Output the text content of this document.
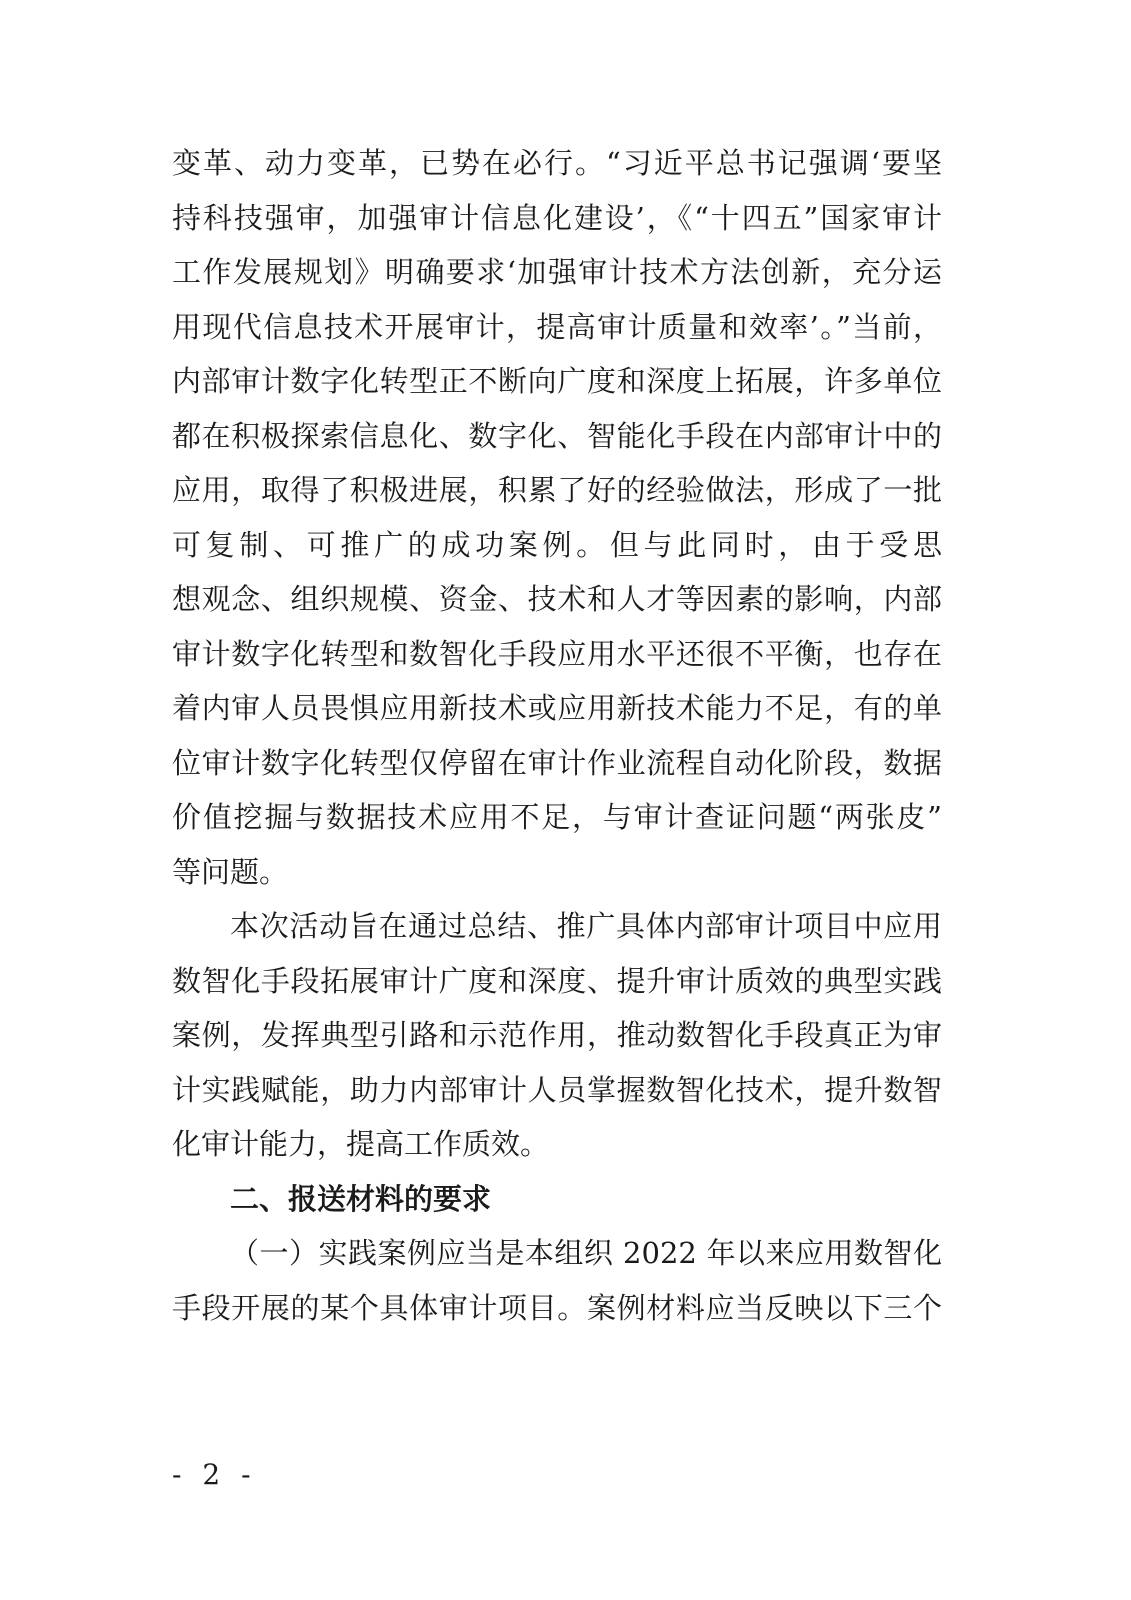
变革、动力变革，已势在必行。“习近平总书记强调‘要坚
持科技强审，加强审计信息化建设’，《“十四五”国家审计
工作发展规划》明确要求‘加强审计技术方法创新，充分运
用现代信息技术开展审计，提高审计质量和效率’。”当前，
内部审计数字化转型正不断向广度和深度上拓展，许多单位
都在积极探索信息化、数字化、智能化手段在内部审计中的
应用，取得了积极进展，积累了好的经验做法，形成了一批
可复制、可推广的成功案例。但与此同时，由于受思
想观念、组织规模、资金、技术和人才等因素的影响，内部
审计数字化转型和数智化手段应用水平还很不平衡，也存在
着内审人员畏惧应用新技术或应用新技术能力不足，有的单
位审计数字化转型仅停留在审计作业流程自动化阶段，数据
价值挖掘与数据技术应用不足，与审计查证问题“两张皮”
等问题。
本次活动旨在通过总结、推广具体内部审计项目中应用
数智化手段拓展审计广度和深度、提升审计质效的典型实践
案例，发挥典型引路和示范作用，推动数智化手段真正为审
计实践赋能，助力内部审计人员掌握数智化技术，提升数智
化审计能力，提高工作质效。
二、报送材料的要求
（一）实践案例应当是本组织 2022 年以来应用数智化
手段开展的某个具体审计项目。案例材料应当反映以下三个
- 2 -
